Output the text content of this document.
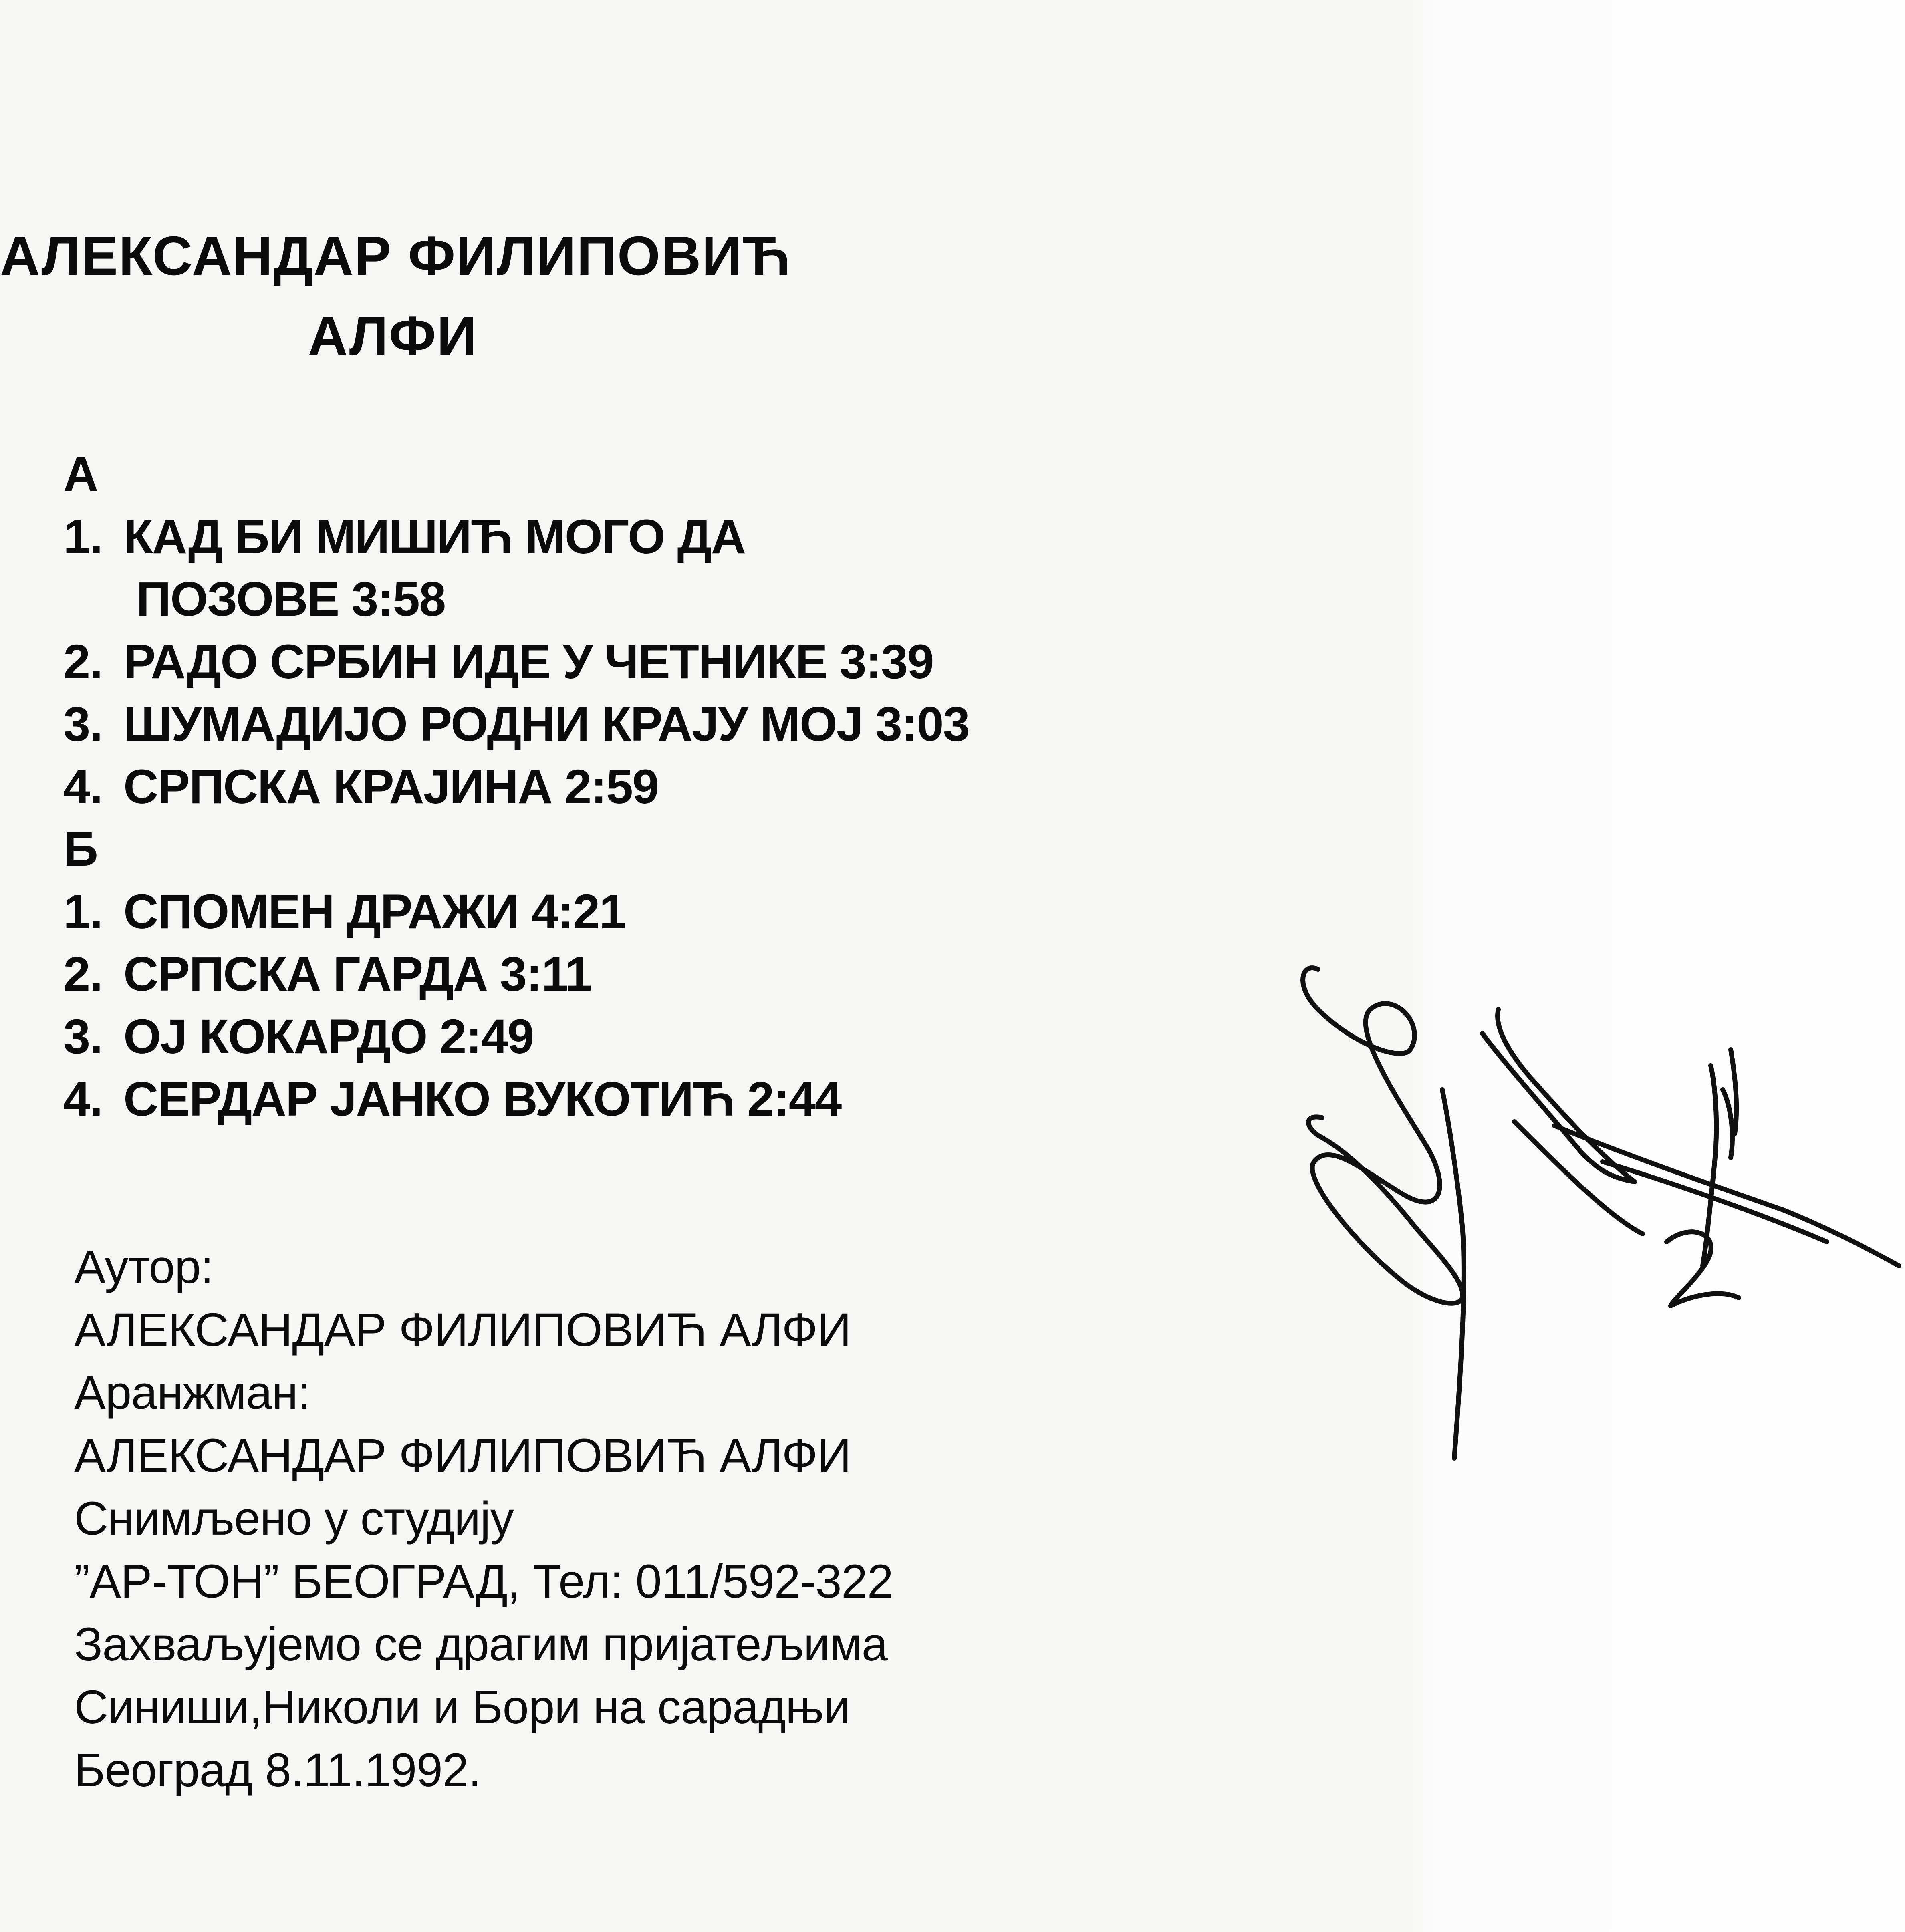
АЛЕКСАНДАР ФИЛИПОВИЋ
АЛФИ
А
1. КАД БИ МИШИЋ МОГО ДА
ПОЗОВЕ 3:58
2. РАДО СРБИН ИДЕ У ЧЕТНИКЕ 3:39
3. ШУМАДИЈО РОДНИ КРАЈУ МОЈ 3:03
4. СРПСКА КРАЈИНА 2:59
Б
1. СПОМЕН ДРАЖИ 4:21
2. СРПСКА ГАРДА 3:11
3. ОЈ КОКАРДО 2:49
4. СЕРДАР ЈАНКО ВУКОТИЋ 2:44
Аутор:
АЛЕКСАНДАР ФИЛИПОВИЋ АЛФИ
Аранжман:
АЛЕКСАНДАР ФИЛИПОВИЋ АЛФИ
Снимљено у студију
”АР-ТОН” БЕОГРАД, Тел: 011/592-322
Захваљујемо се драгим пријатељима
Синиши,Николи и Бори на сарадњи
Београд 8.11.1992.
